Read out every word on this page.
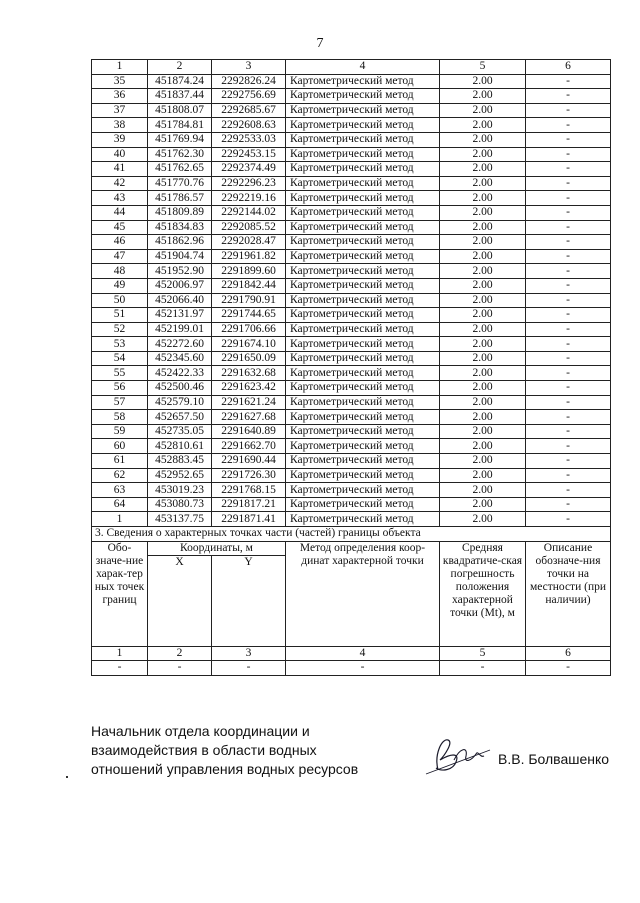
7
1	2	3	4	5	6
35	451874.24	2292826.24	Картометрический метод	2.00	-
36	451837.44	2292756.69	Картометрический метод	2.00	-
37	451808.07	2292685.67	Картометрический метод	2.00	-
38	451784.81	2292608.63	Картометрический метод	2.00	-
39	451769.94	2292533.03	Картометрический метод	2.00	-
40	451762.30	2292453.15	Картометрический метод	2.00	-
41	451762.65	2292374.49	Картометрический метод	2.00	-
42	451770.76	2292296.23	Картометрический метод	2.00	-
43	451786.57	2292219.16	Картометрический метод	2.00	-
44	451809.89	2292144.02	Картометрический метод	2.00	-
45	451834.83	2292085.52	Картометрический метод	2.00	-
46	451862.96	2292028.47	Картометрический метод	2.00	-
47	451904.74	2291961.82	Картометрический метод	2.00	-
48	451952.90	2291899.60	Картометрический метод	2.00	-
49	452006.97	2291842.44	Картометрический метод	2.00	-
50	452066.40	2291790.91	Картометрический метод	2.00	-
51	452131.97	2291744.65	Картометрический метод	2.00	-
52	452199.01	2291706.66	Картометрический метод	2.00	-
53	452272.60	2291674.10	Картометрический метод	2.00	-
54	452345.60	2291650.09	Картометрический метод	2.00	-
55	452422.33	2291632.68	Картометрический метод	2.00	-
56	452500.46	2291623.42	Картометрический метод	2.00	-
57	452579.10	2291621.24	Картометрический метод	2.00	-
58	452657.50	2291627.68	Картометрический метод	2.00	-
59	452735.05	2291640.89	Картометрический метод	2.00	-
60	452810.61	2291662.70	Картометрический метод	2.00	-
61	452883.45	2291690.44	Картометрический метод	2.00	-
62	452952.65	2291726.30	Картометрический метод	2.00	-
63	453019.23	2291768.15	Картометрический метод	2.00	-
64	453080.73	2291817.21	Картометрический метод	2.00	-
1	453137.75	2291871.41	Картометрический метод	2.00	-
3. Сведения о характерных точках части (частей) границы объекта					
Обо-значе-ние харак-тер ных точек границ	Координаты, м		Метод определения коор-динат характерной точки	Средняя квадратиче-ская погрешность положения характерной точки (Mt), м	Описание обозначе-ния точки на местности (при наличии)
	X	Y			
1	2	3	4	5	6
-	-	-	-	-	-
Начальник отдела координации и
взаимодействия в области водных
отношений управления водных ресурсов
В.В. Болвашенко
